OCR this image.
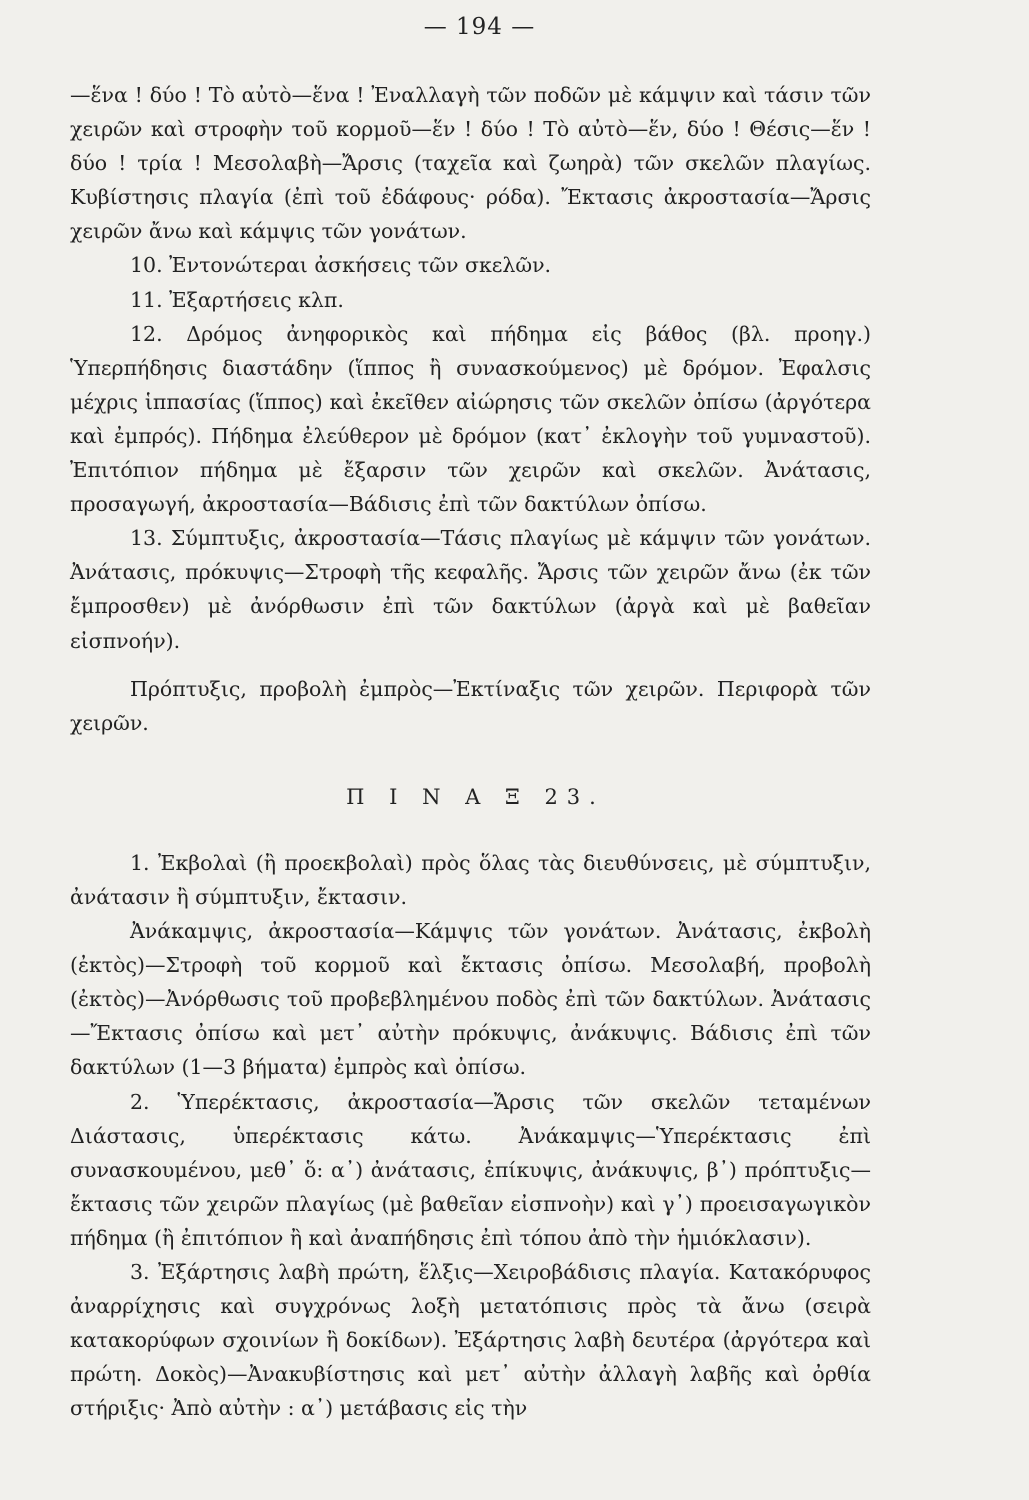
— 194 —

—ἕνα ! δύο ! Τὸ αὐτὸ—ἕνα ! Ἐναλλαγὴ τῶν ποδῶν μὲ κάμψιν καὶ τάσιν τῶν χειρῶν καὶ στροφὴν τοῦ κορμοῦ—ἕν ! δύο ! Τὸ αὐτὸ—ἕν, δύο ! Θέσις—ἕν ! δύο ! τρία ! Μεσολαβὴ—Ἄρσις (ταχεῖα καὶ ζωηρὰ) τῶν σκελῶν πλαγίως. Κυβίστησις πλαγία (ἐπὶ τοῦ ἐδάφους· ρόδα). Ἔκτασις ἀκροστασία—Ἄρσις χειρῶν ἄνω καὶ κάμψις τῶν γονάτων.

10. Ἐντονώτεραι ἀσκήσεις τῶν σκελῶν.

11. Ἐξαρτήσεις κλπ.

12. Δρόμος ἀνηφορικὸς καὶ πήδημα εἰς βάθος (βλ. προηγ.) Ὑπερπήδησις διαστάδην (ἵππος ἢ συνασκούμενος) μὲ δρόμον. Ἐφαλσις μέχρις ἱππασίας (ἵππος) καὶ ἐκεῖθεν αἰώρησις τῶν σκελῶν ὀπίσω (ἀργότερα καὶ ἐμπρός). Πήδημα ἐλεύθερον μὲ δρόμον (κατ᾽ ἐκλογὴν τοῦ γυμναστοῦ). Ἐπιτόπιον πήδημα μὲ ἔξαρσιν τῶν χειρῶν καὶ σκελῶν. Ἀνάτασις, προσαγωγή, ἀκροστασία—Βάδισις ἐπὶ τῶν δακτύλων ὀπίσω.

13. Σύμπτυξις, ἀκροστασία—Τάσις πλαγίως μὲ κάμψιν τῶν γονάτων. Ἀνάτασις, πρόκυψις—Στροφὴ τῆς κεφαλῆς. Ἄρσις τῶν χειρῶν ἄνω (ἐκ τῶν ἔμπροσθεν) μὲ ἀνόρθωσιν ἐπὶ τῶν δακτύλων (ἀργὰ καὶ μὲ βαθεῖαν εἰσπνοήν).

Πρόπτυξις, προβολὴ ἐμπρὸς—Ἐκτίναξις τῶν χειρῶν. Περιφορὰ τῶν χειρῶν.

Π Ι Ν Α Ξ 23.

1. Ἐκβολαὶ (ἢ προεκβολαὶ) πρὸς ὅλας τὰς διευθύνσεις, μὲ σύμπτυξιν, ἀνάτασιν ἢ σύμπτυξιν, ἔκτασιν.

Ἀνάκαμψις, ἀκροστασία—Κάμψις τῶν γονάτων. Ἀνάτασις, ἐκβολὴ (ἐκτὸς)—Στροφὴ τοῦ κορμοῦ καὶ ἔκτασις ὀπίσω. Μεσολαβή, προβολὴ (ἐκτὸς)—Ἀνόρθωσις τοῦ προβεβλημένου ποδὸς ἐπὶ τῶν δακτύλων. Ἀνάτασις—Ἔκτασις ὀπίσω καὶ μετ᾽ αὐτὴν πρόκυψις, ἀνάκυψις. Βάδισις ἐπὶ τῶν δακτύλων (1—3 βήματα) ἐμπρὸς καὶ ὀπίσω.

2. Ὑπερέκτασις, ἀκροστασία—Ἄρσις τῶν σκελῶν τεταμένων Διάστασις, ὑπερέκτασις κάτω. Ἀνάκαμψις—Ὑπερέκτασις ἐπὶ συνασκουμένου, μεθ᾽ ὅ: α᾽) ἀνάτασις, ἐπίκυψις, ἀνάκυψις, β᾽) πρόπτυξις—ἔκτασις τῶν χειρῶν πλαγίως (μὲ βαθεῖαν εἰσπνοὴν) καὶ γ᾽) προεισαγωγικὸν πήδημα (ἢ ἐπιτόπιον ἢ καὶ ἀναπήδησις ἐπὶ τόπου ἀπὸ τὴν ἡμιόκλασιν).

3. Ἐξάρτησις λαβὴ πρώτη, ἕλξις—Χειροβάδισις πλαγία. Κατακόρυφος ἀναρρίχησις καὶ συγχρόνως λοξὴ μετατόπισις πρὸς τὰ ἄνω (σειρὰ κατακορύφων σχοινίων ἢ δοκίδων). Ἐξάρτησις λαβὴ δευτέρα (ἀργότερα καὶ πρώτη. Δοκὸς)—Ἀνακυβίστησις καὶ μετ᾽ αὐτὴν ἀλλαγὴ λαβῆς καὶ ὀρθία στήριξις· Ἀπὸ αὐτὴν : α᾽) μετάβασις εἰς τὴν
